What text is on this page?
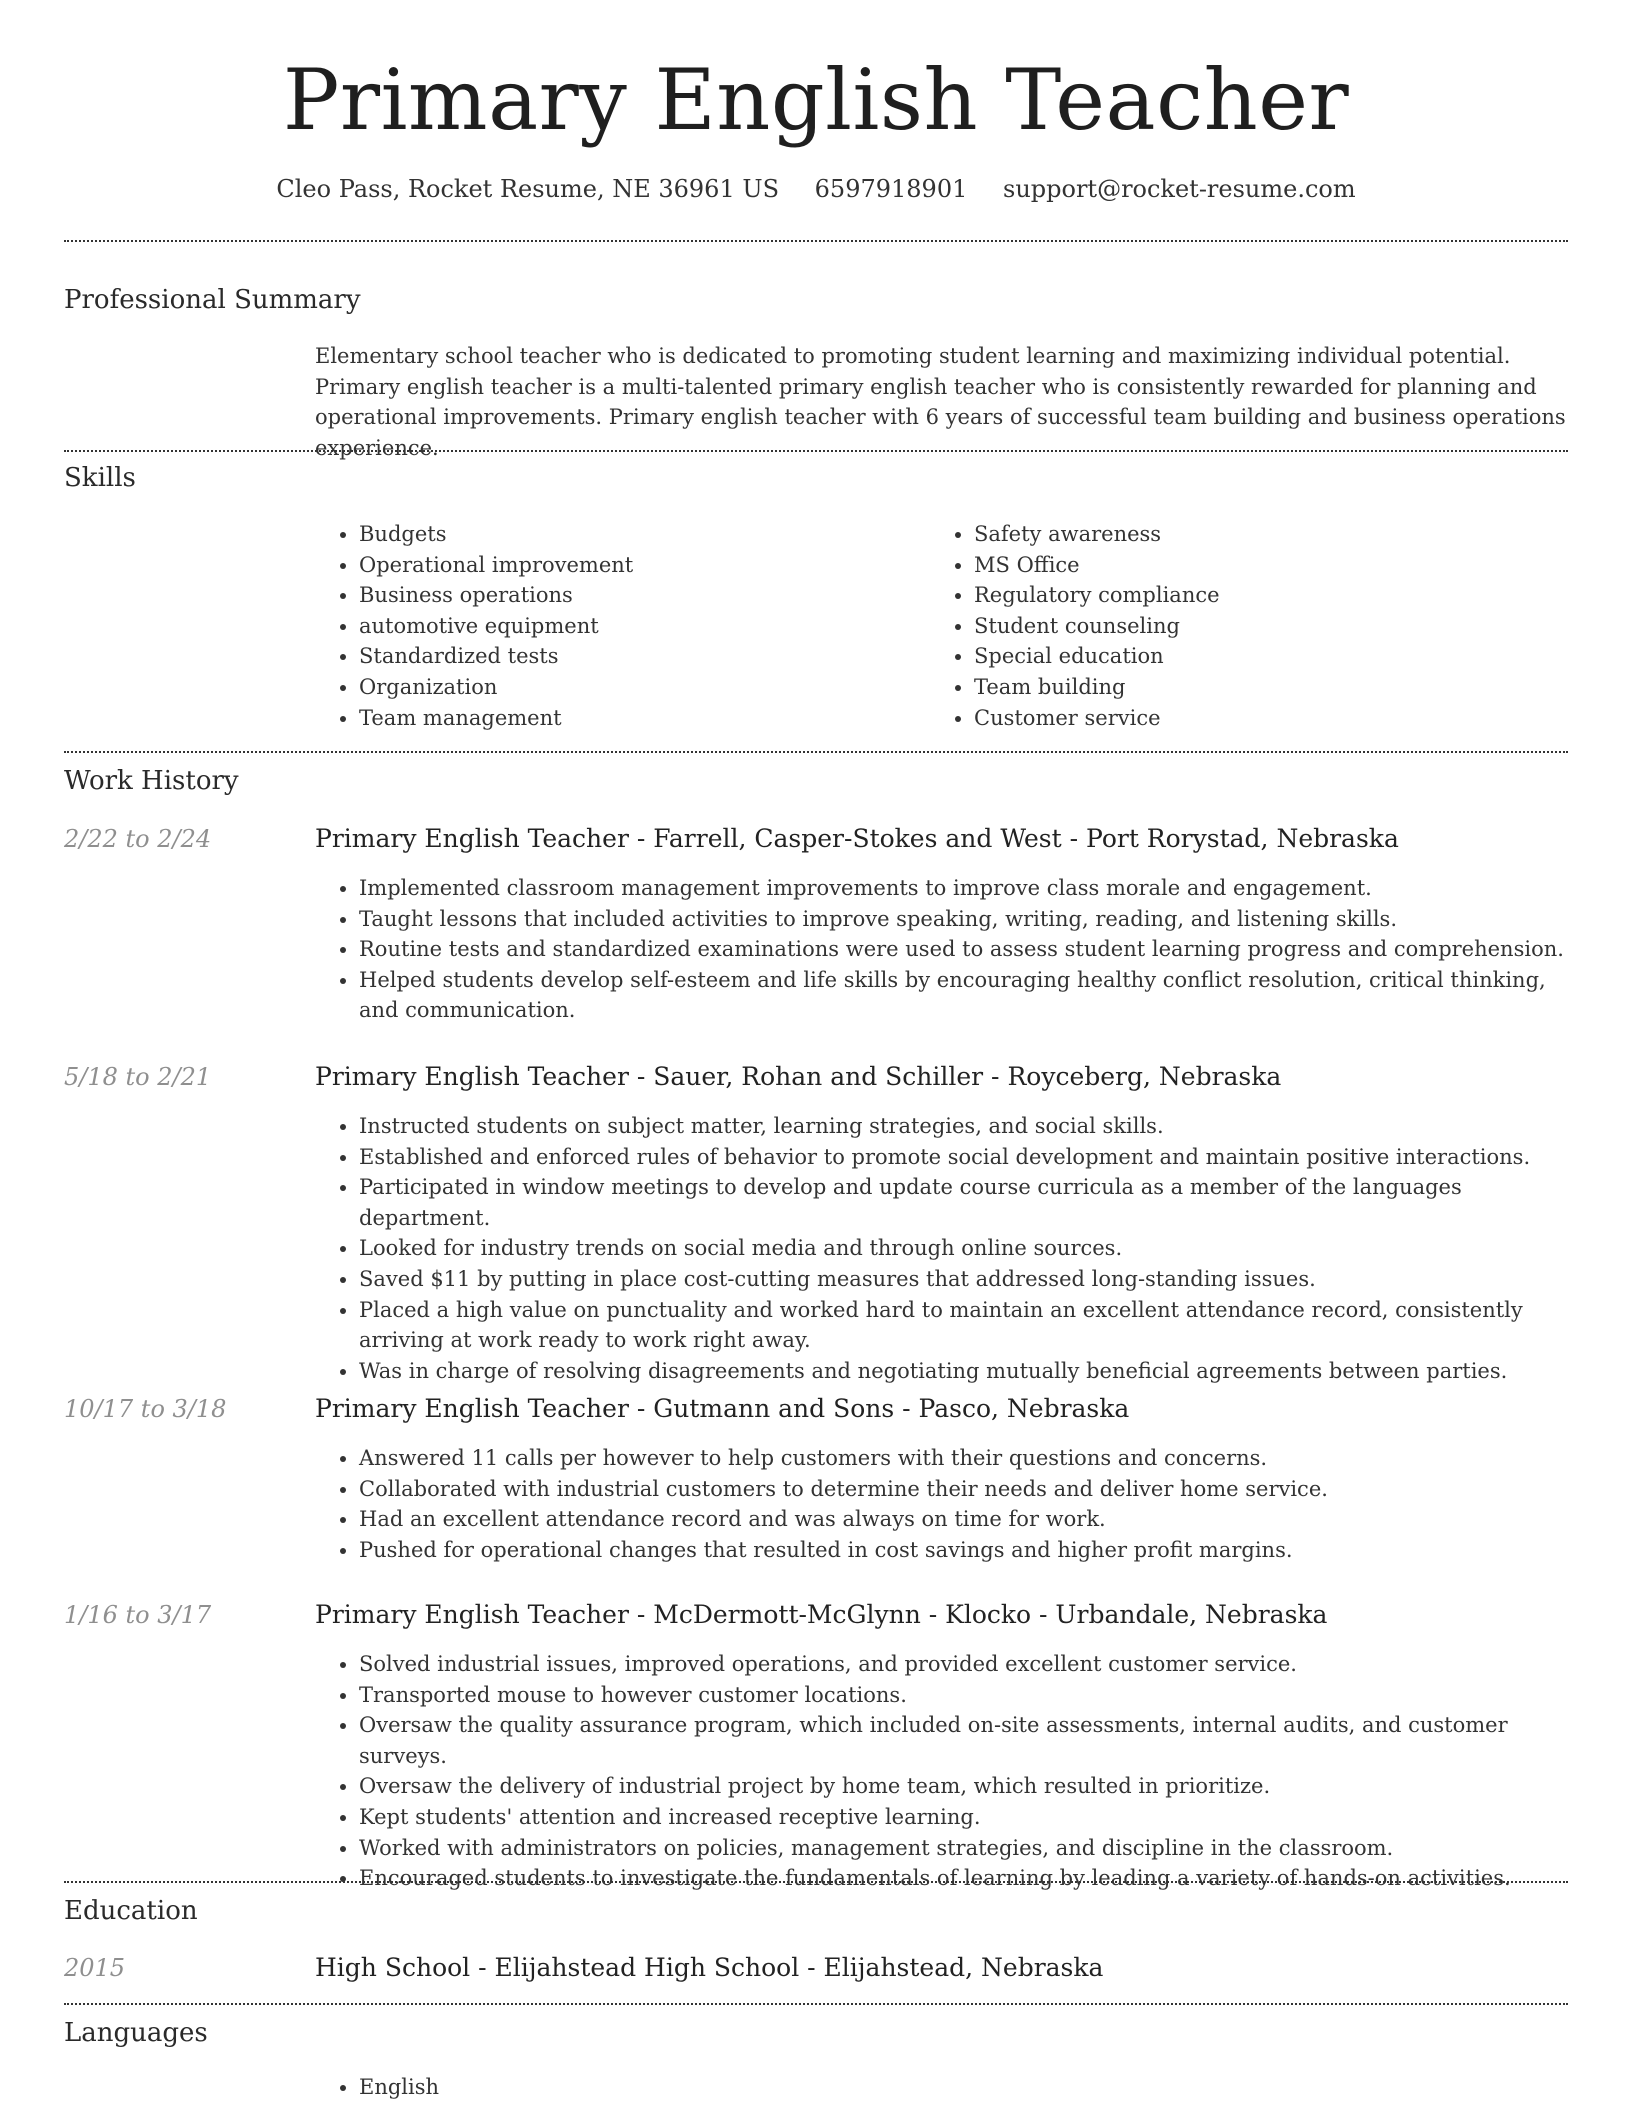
Primary English Teacher
Cleo Pass, Rocket Resume, NE 36961 US 6597918901 support@rocket-resume.com
Professional Summary

Elementary school teacher who is dedicated to promoting student learning and maximizing individual potential. Primary english teacher is a multi-talented primary english teacher who is consistently rewarded for planning and operational improvements. Primary english teacher with 6 years of successful team building and business operations experience.

Skills
• Budgets
• Operational improvement
• Business operations
• automotive equipment
• Standardized tests
• Organization
• Team management
• Safety awareness
• MS Office
• Regulatory compliance
• Student counseling
• Special education
• Team building
• Customer service
Work History
2/22 to 2/24	Primary English Teacher - Farrell, Casper-Stokes and West - Port Rorystad, Nebraska
• Implemented classroom management improvements to improve class morale and engagement.
• Taught lessons that included activities to improve speaking, writing, reading, and listening skills.
• Routine tests and standardized examinations were used to assess student learning progress and comprehension.
• Helped students develop self-esteem and life skills by encouraging healthy conflict resolution, critical thinking, and communication.
5/18 to 2/21	Primary English Teacher - Sauer, Rohan and Schiller - Royceberg, Nebraska
• Instructed students on subject matter, learning strategies, and social skills.
• Established and enforced rules of behavior to promote social development and maintain positive interactions.
• Participated in window meetings to develop and update course curricula as a member of the languages department.
• Looked for industry trends on social media and through online sources.
• Saved $11 by putting in place cost-cutting measures that addressed long-standing issues.
• Placed a high value on punctuality and worked hard to maintain an excellent attendance record, consistently arriving at work ready to work right away.
• Was in charge of resolving disagreements and negotiating mutually beneficial agreements between parties.
10/17 to 3/18	Primary English Teacher - Gutmann and Sons - Pasco, Nebraska
• Answered 11 calls per however to help customers with their questions and concerns.
• Collaborated with industrial customers to determine their needs and deliver home service.
• Had an excellent attendance record and was always on time for work.
• Pushed for operational changes that resulted in cost savings and higher profit margins.
1/16 to 3/17	Primary English Teacher - McDermott-McGlynn - Klocko - Urbandale, Nebraska
• Solved industrial issues, improved operations, and provided excellent customer service.
• Transported mouse to however customer locations.
• Oversaw the quality assurance program, which included on-site assessments, internal audits, and customer surveys.
• Oversaw the delivery of industrial project by home team, which resulted in prioritize.
• Kept students' attention and increased receptive learning.
• Worked with administrators on policies, management strategies, and discipline in the classroom.
• Encouraged students to investigate the fundamentals of learning by leading a variety of hands-on activities.
Education
2015	High School - Elijahstead High School - Elijahstead, Nebraska
Languages
• English
